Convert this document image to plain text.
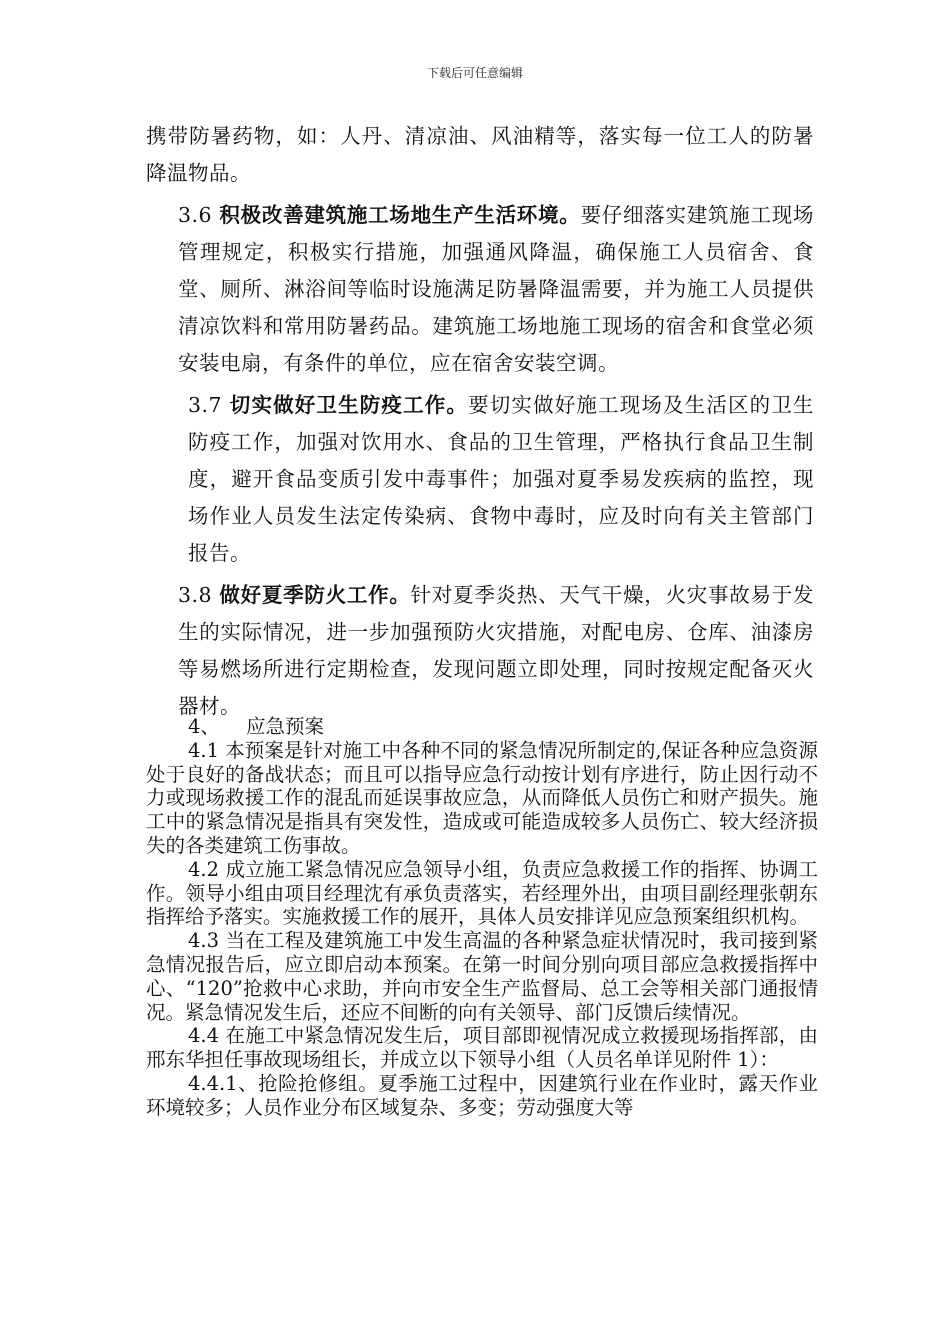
下载后可任意编辑

携带防暑药物，如：人丹、清凉油、风油精等，落实每一位工人的防暑降温物品。

3.6 积极改善建筑施工场地生产生活环境。要仔细落实建筑施工现场管理规定，积极实行措施，加强通风降温，确保施工人员宿舍、食堂、厕所、淋浴间等临时设施满足防暑降温需要，并为施工人员提供清凉饮料和常用防暑药品。建筑施工场地施工现场的宿舍和食堂必须安装电扇，有条件的单位，应在宿舍安装空调。

3.7 切实做好卫生防疫工作。要切实做好施工现场及生活区的卫生防疫工作，加强对饮用水、食品的卫生管理，严格执行食品卫生制度，避开食品变质引发中毒事件；加强对夏季易发疾病的监控，现场作业人员发生法定传染病、食物中毒时，应及时向有关主管部门报告。

3.8 做好夏季防火工作。针对夏季炎热、天气干燥，火灾事故易于发生的实际情况，进一步加强预防火灾措施，对配电房、仓库、油漆房等易燃场所进行定期检查，发现问题立即处理，同时按规定配备灭火器材。

4、 应急预案

4.1 本预案是针对施工中各种不同的紧急情况所制定的,保证各种应急资源处于良好的备战状态；而且可以指导应急行动按计划有序进行，防止因行动不力或现场救援工作的混乱而延误事故应急，从而降低人员伤亡和财产损失。施工中的紧急情况是指具有突发性，造成或可能造成较多人员伤亡、较大经济损失的各类建筑工伤事故。

4.2 成立施工紧急情况应急领导小组，负责应急救援工作的指挥、协调工作。领导小组由项目经理沈有承负责落实，若经理外出，由项目副经理张朝东指挥给予落实。实施救援工作的展开，具体人员安排详见应急预案组织机构。

4.3 当在工程及建筑施工中发生高温的各种紧急症状情况时，我司接到紧急情况报告后，应立即启动本预案。在第一时间分别向项目部应急救援指挥中心、“120”抢救中心求助，并向市安全生产监督局、总工会等相关部门通报情况。紧急情况发生后，还应不间断的向有关领导、部门反馈后续情况。

4.4 在施工中紧急情况发生后，项目部即视情况成立救援现场指挥部，由邢东华担任事故现场组长，并成立以下领导小组（人员名单详见附件 1）：

4.4.1、抢险抢修组。夏季施工过程中，因建筑行业在作业时，露天作业环境较多；人员作业分布区域复杂、多变；劳动强度大等
